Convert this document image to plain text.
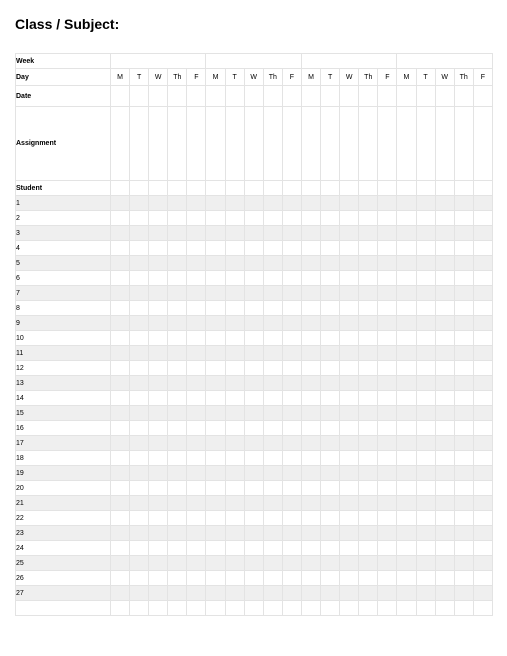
Class / Subject:
Week																				
Day	M	T	W	Th	F	M	T	W	Th	F	M	T	W	Th	F	M	T	W	Th	F
Date																				
Assignment																				
Student																				
1																				
2																				
3																				
4																				
5																				
6																				
7																				
8																				
9																				
10																				
11																				
12																				
13																				
14																				
15																				
16																				
17																				
18																				
19																				
20																				
21																				
22																				
23																				
24																				
25																				
26																				
27																				
